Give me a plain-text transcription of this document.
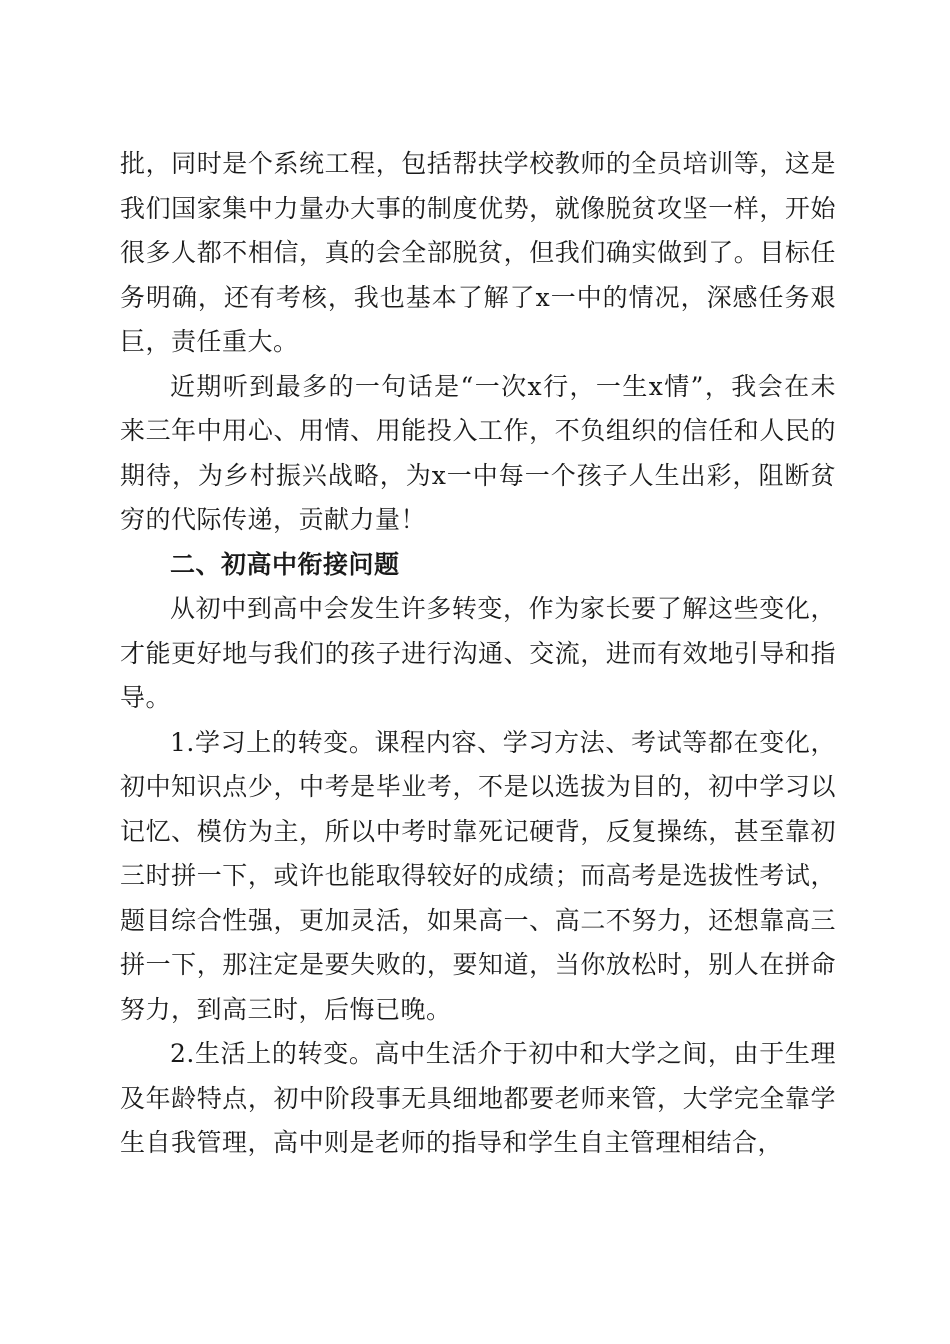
批，同时是个系统工程，包括帮扶学校教师的全员培训等，这是我们国家集中力量办大事的制度优势，就像脱贫攻坚一样，开始很多人都不相信，真的会全部脱贫，但我们确实做到了。目标任务明确，还有考核，我也基本了解了x一中的情况，深感任务艰巨，责任重大。

近期听到最多的一句话是“一次x行，一生x情”，我会在未来三年中用心、用情、用能投入工作，不负组织的信任和人民的期待，为乡村振兴战略，为x一中每一个孩子人生出彩，阻断贫穷的代际传递，贡献力量！

二、初高中衔接问题

从初中到高中会发生许多转变，作为家长要了解这些变化，才能更好地与我们的孩子进行沟通、交流，进而有效地引导和指导。

1.学习上的转变。课程内容、学习方法、考试等都在变化，初中知识点少，中考是毕业考，不是以选拔为目的，初中学习以记忆、模仿为主，所以中考时靠死记硬背，反复操练，甚至靠初三时拼一下，或许也能取得较好的成绩；而高考是选拔性考试，题目综合性强，更加灵活，如果高一、高二不努力，还想靠高三拼一下，那注定是要失败的，要知道，当你放松时，别人在拼命努力，到高三时，后悔已晚。

2.生活上的转变。高中生活介于初中和大学之间，由于生理及年龄特点，初中阶段事无具细地都要老师来管，大学完全靠学生自我管理，高中则是老师的指导和学生自主管理相结合，
